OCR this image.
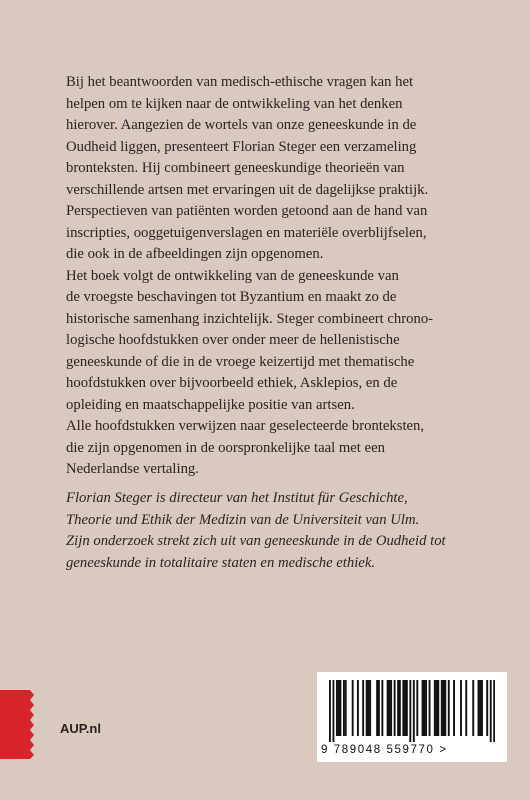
Bij het beantwoorden van medisch-ethische vragen kan het
helpen om te kijken naar de ontwikkeling van het denken
hierover. Aangezien de wortels van onze geneeskunde in de
Oudheid liggen, presenteert Florian Steger een verzameling
bronteksten. Hij combineert geneeskundige theorieën van
verschillende artsen met ervaringen uit de dagelijkse praktijk.
Perspectieven van patiënten worden getoond aan de hand van
inscripties, ooggetuigenverslagen en materiële overblijfselen,
die ook in de afbeeldingen zijn opgenomen.
Het boek volgt de ontwikkeling van de geneeskunde van
de vroegste beschavingen tot Byzantium en maakt zo de
historische samenhang inzichtelijk. Steger combineert chrono-
logische hoofdstukken over onder meer de hellenistische
geneeskunde of die in de vroege keizertijd met thematische
hoofdstukken over bijvoorbeeld ethiek, Asklepios, en de
opleiding en maatschappelijke positie van artsen.
Alle hoofdstukken verwijzen naar geselecteerde bronteksten,
die zijn opgenomen in de oorspronkelijke taal met een
Nederlandse vertaling.
Florian Steger is directeur van het Institut für Geschichte,
Theorie und Ethik der Medizin van de Universiteit van Ulm.
Zijn onderzoek strekt zich uit van geneeskunde in de Oudheid tot
geneeskunde in totalitaire staten en medische ethiek.
AUP.nl
9 789048 559770 >
